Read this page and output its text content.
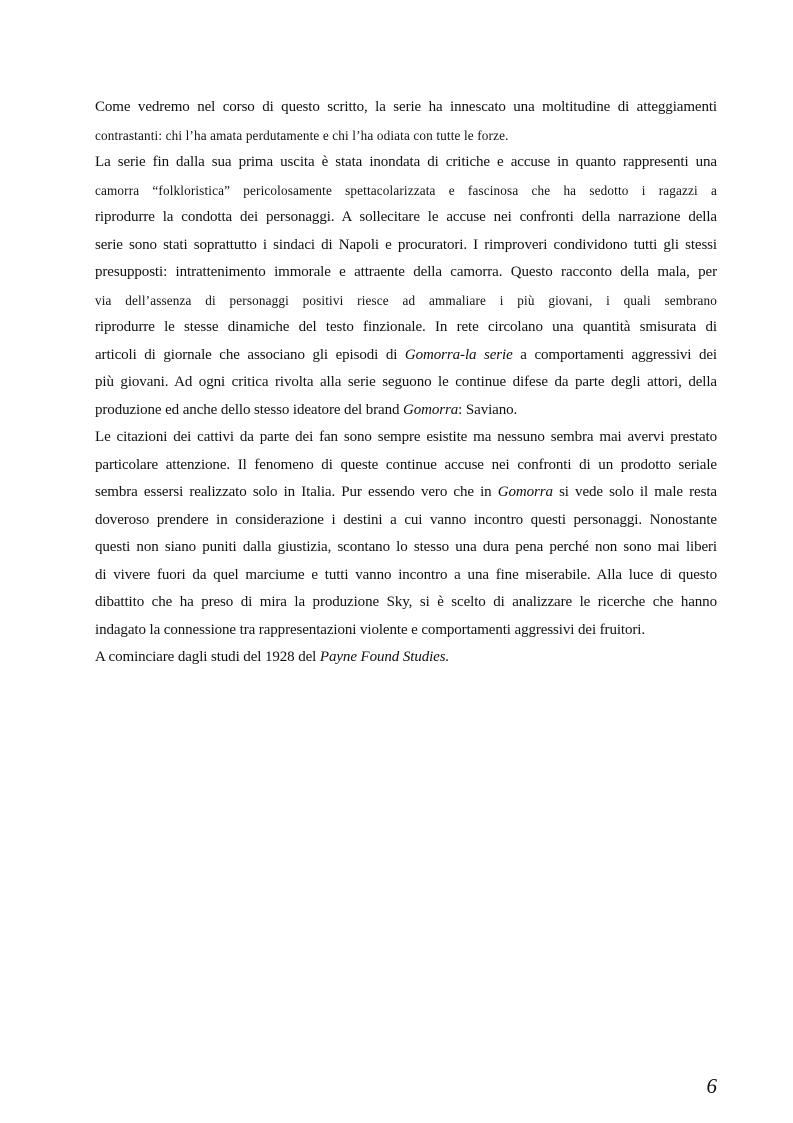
Come vedremo nel corso di questo scritto, la serie ha innescato una moltitudine di atteggiamenti
contrastanti: chi l’ha amata perdutamente e chi l’ha odiata con tutte le forze.
La serie fin dalla sua prima uscita è stata inondata di critiche e accuse in quanto rappresenti una
camorra “folkloristica” pericolosamente spettacolarizzata e fascinosa che ha sedotto i ragazzi a
riprodurre la condotta dei personaggi. A sollecitare le accuse nei confronti della narrazione della
serie sono stati soprattutto i sindaci di Napoli e procuratori. I rimproveri condividono tutti gli stessi
presupposti: intrattenimento immorale e attraente della camorra. Questo racconto della mala, per
via dell’assenza di personaggi positivi riesce ad ammaliare i più giovani, i quali sembrano
riprodurre le stesse dinamiche del testo finzionale. In rete circolano una quantità smisurata di
articoli di giornale che associano gli episodi di Gomorra-la serie a comportamenti aggressivi dei
più giovani. Ad ogni critica rivolta alla serie seguono le continue difese da parte degli attori, della
produzione ed anche dello stesso ideatore del brand Gomorra: Saviano.
Le citazioni dei cattivi da parte dei fan sono sempre esistite ma nessuno sembra mai avervi prestato
particolare attenzione. Il fenomeno di queste continue accuse nei confronti di un prodotto seriale
sembra essersi realizzato solo in Italia. Pur essendo vero che in Gomorra si vede solo il male resta
doveroso prendere in considerazione i destini a cui vanno incontro questi personaggi. Nonostante
questi non siano puniti dalla giustizia, scontano lo stesso una dura pena perché non sono mai liberi
di vivere fuori da quel marciume e tutti vanno incontro a una fine miserabile. Alla luce di questo
dibattito che ha preso di mira la produzione Sky, si è scelto di analizzare le ricerche che hanno
indagato la connessione tra rappresentazioni violente e comportamenti aggressivi dei fruitori.
A cominciare dagli studi del 1928 del Payne Found Studies.
6
